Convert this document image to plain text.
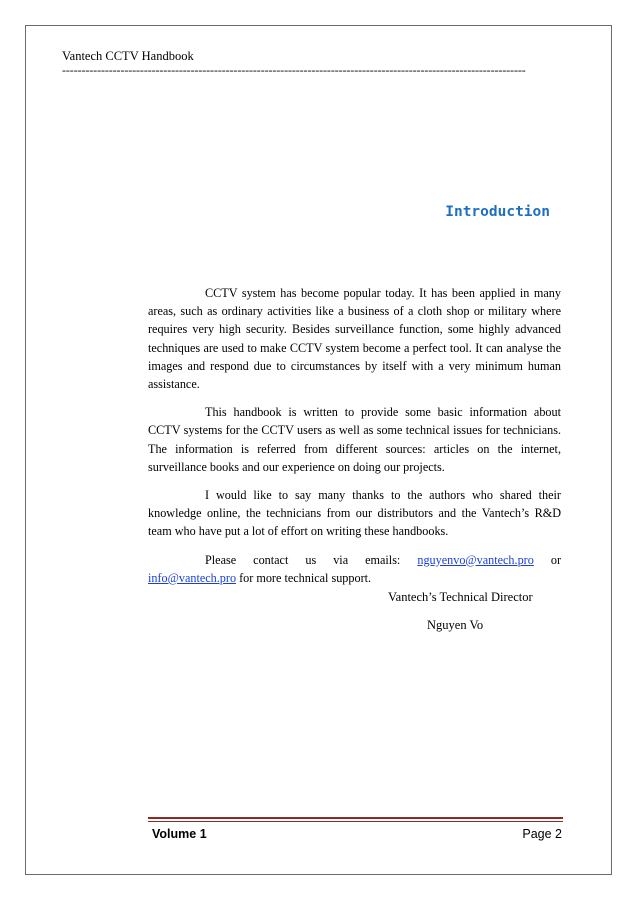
Vantech CCTV Handbook
-----------------------------------------------------------------------------------------------------------------------
Introduction

CCTV system has become popular today. It has been applied in many areas, such as ordinary activities like a business of a cloth shop or military where requires very high security. Besides surveillance function, some highly advanced techniques are used to make CCTV system become a perfect tool. It can analyse the images and respond due to circumstances by itself with a very minimum human assistance.

This handbook is written to provide some basic information about CCTV systems for the CCTV users as well as some technical issues for technicians. The information is referred from different sources: articles on the internet, surveillance books and our experience on doing our projects.

I would like to say many thanks to the authors who shared their knowledge online, the technicians from our distributors and the Vantech’s R&D team who have put a lot of effort on writing these handbooks.

Please contact us via emails: nguyenvo@vantech.pro or info@vantech.pro for more technical support.

Vantech’s Technical Director
Nguyen Vo
Volume 1	Page 2
